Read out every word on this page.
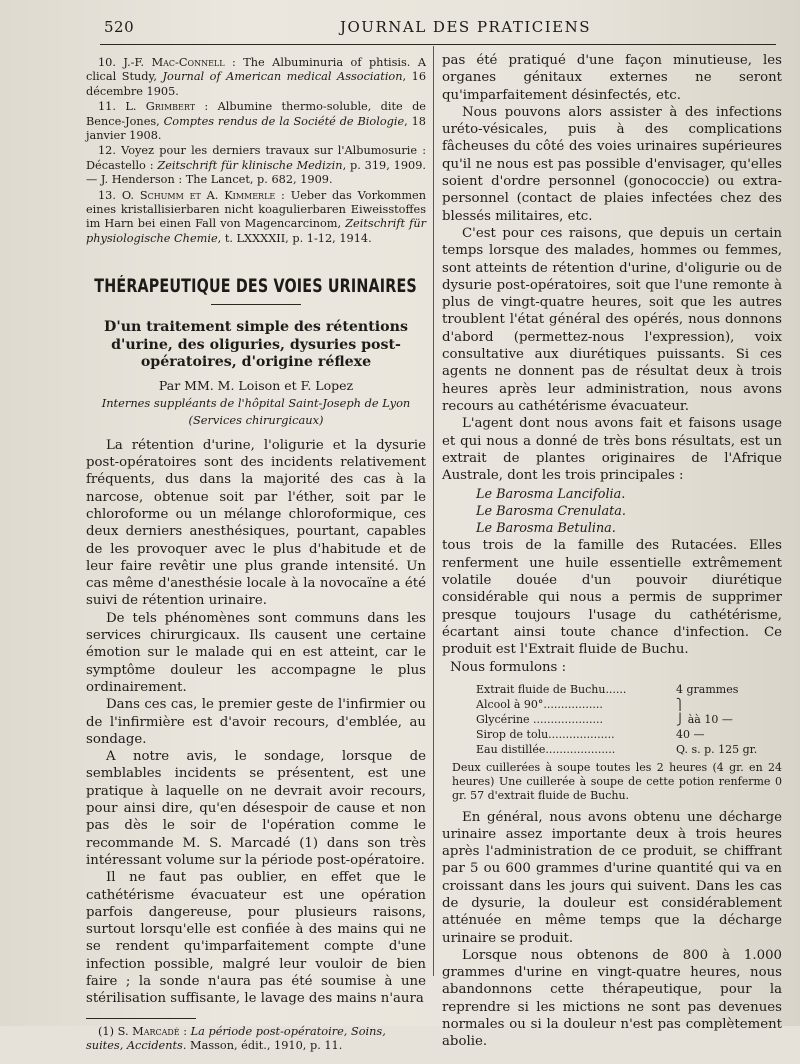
520	JOURNAL DES PRATICIENS

10. J.-F. Mac-Connell : The Albuminuria of phtisis. A clical Study, Journal of American medical Association, 16 décembre 1905.

11. L. Grimbert : Albumine thermo-soluble, dite de Bence-Jones, Comptes rendus de la Société de Biologie, 18 janvier 1908.

12. Voyez pour les derniers travaux sur l'Albumosurie : Décastello : Zeitschrift für klinische Medizin, p. 319, 1909. — J. Henderson : The Lancet, p. 682, 1909.

13. O. Schumm et A. Kimmerle : Ueber das Vorkommen eines kristallisierbaren nicht koagulierbaren Eiweisstoffes im Harn bei einen Fall von Magencarcinom, Zeitschrift für physiologische Chemie, t. LXXXXII, p. 1-12, 1914.

THÉRAPEUTIQUE DES VOIES URINAIRES
D'un traitement simple des rétentions d'urine, des oliguries, dysuries post-opératoires, d'origine réflexe
Par MM. M. Loison et F. Lopez
Internes suppléants de l'hôpital Saint-Joseph de Lyon
(Services chirurgicaux)

La rétention d'urine, l'oligurie et la dysurie post-opératoires sont des incidents relativement fréquents, dus dans la majorité des cas à la narcose, obtenue soit par l'éther, soit par le chloroforme ou un mélange chloroformique, ces deux derniers anesthésiques, pourtant, capables de les provoquer avec le plus d'habitude et de leur faire revêtir une plus grande intensité. Un cas même d'anesthésie locale à la novocaïne a été suivi de rétention urinaire.

De tels phénomènes sont communs dans les services chirurgicaux. Ils causent une certaine émotion sur le malade qui en est atteint, car le symptôme douleur les accompagne le plus ordinairement.

Dans ces cas, le premier geste de l'infirmier ou de l'infirmière est d'avoir recours, d'emblée, au sondage.

A notre avis, le sondage, lorsque de semblables incidents se présentent, est une pratique à laquelle on ne devrait avoir recours, pour ainsi dire, qu'en désespoir de cause et non pas dès le soir de l'opération comme le recommande M. S. Marcadé (1) dans son très intéressant volume sur la période post-opératoire.

Il ne faut pas oublier, en effet que le cathétérisme évacuateur est une opération parfois dangereuse, pour plusieurs raisons, surtout lorsqu'elle est confiée à des mains qui ne se rendent qu'imparfaitement compte d'une infection possible, malgré leur vouloir de bien faire ; la sonde n'aura pas été soumise à une stérilisation suffisante, le lavage des mains n'aura

(1) S. Marcadé : La période post-opératoire, Soins, suites, Accidents. Masson, édit., 1910, p. 11.

pas été pratiqué d'une façon minutieuse, les organes génitaux externes ne seront qu'imparfaitement désinfectés, etc.

Nous pouvons alors assister à des infections uréto-vésicales, puis à des complications fâcheuses du côté des voies urinaires supérieures qu'il ne nous est pas possible d'envisager, qu'elles soient d'ordre personnel (gonococcie) ou extra-personnel (contact de plaies infectées chez des blessés militaires, etc.

C'est pour ces raisons, que depuis un certain temps lorsque des malades, hommes ou femmes, sont atteints de rétention d'urine, d'oligurie ou de dysurie post-opératoires, soit que l'une remonte à plus de vingt-quatre heures, soit que les autres troublent l'état général des opérés, nous donnons d'abord (permettez-nous l'expression), voix consultative aux diurétiques puissants. Si ces agents ne donnent pas de résultat deux à trois heures après leur administration, nous avons recours au cathétérisme évacuateur.

L'agent dont nous avons fait et faisons usage et qui nous a donné de très bons résultats, est un extrait de plantes originaires de l'Afrique Australe, dont les trois principales :

Le Barosma Lancifolia.
Le Barosma Crenulata.
Le Barosma Betulina.

tous trois de la famille des Rutacées. Elles renferment une huile essentielle extrêmement volatile douée d'un pouvoir diurétique considérable qui nous a permis de supprimer presque toujours l'usage du cathétérisme, écartant ainsi toute chance d'infection. Ce produit est l'Extrait fluide de Buchu.

Nous formulons :

Extrait fluide de Buchu......	4 grammes
Alcool à 90°.................	⎫
Glycérine ....................	⎭ àà 10 —
Sirop de tolu...................	40 —
Eau distillée....................	Q. s. p. 125 gr.

Deux cuillerées à soupe toutes les 2 heures (4 gr. en 24 heures) Une cuillerée à soupe de cette potion renferme 0 gr. 57 d'extrait fluide de Buchu.

En général, nous avons obtenu une décharge urinaire assez importante deux à trois heures après l'administration de ce produit, se chiffrant par 5 ou 600 grammes d'urine quantité qui va en croissant dans les jours qui suivent. Dans les cas de dysurie, la douleur est considérablement atténuée en même temps que la décharge urinaire se produit.

Lorsque nous obtenons de 800 à 1.000 grammes d'urine en vingt-quatre heures, nous abandonnons cette thérapeutique, pour la reprendre si les mictions ne sont pas devenues normales ou si la douleur n'est pas complètement abolie.
